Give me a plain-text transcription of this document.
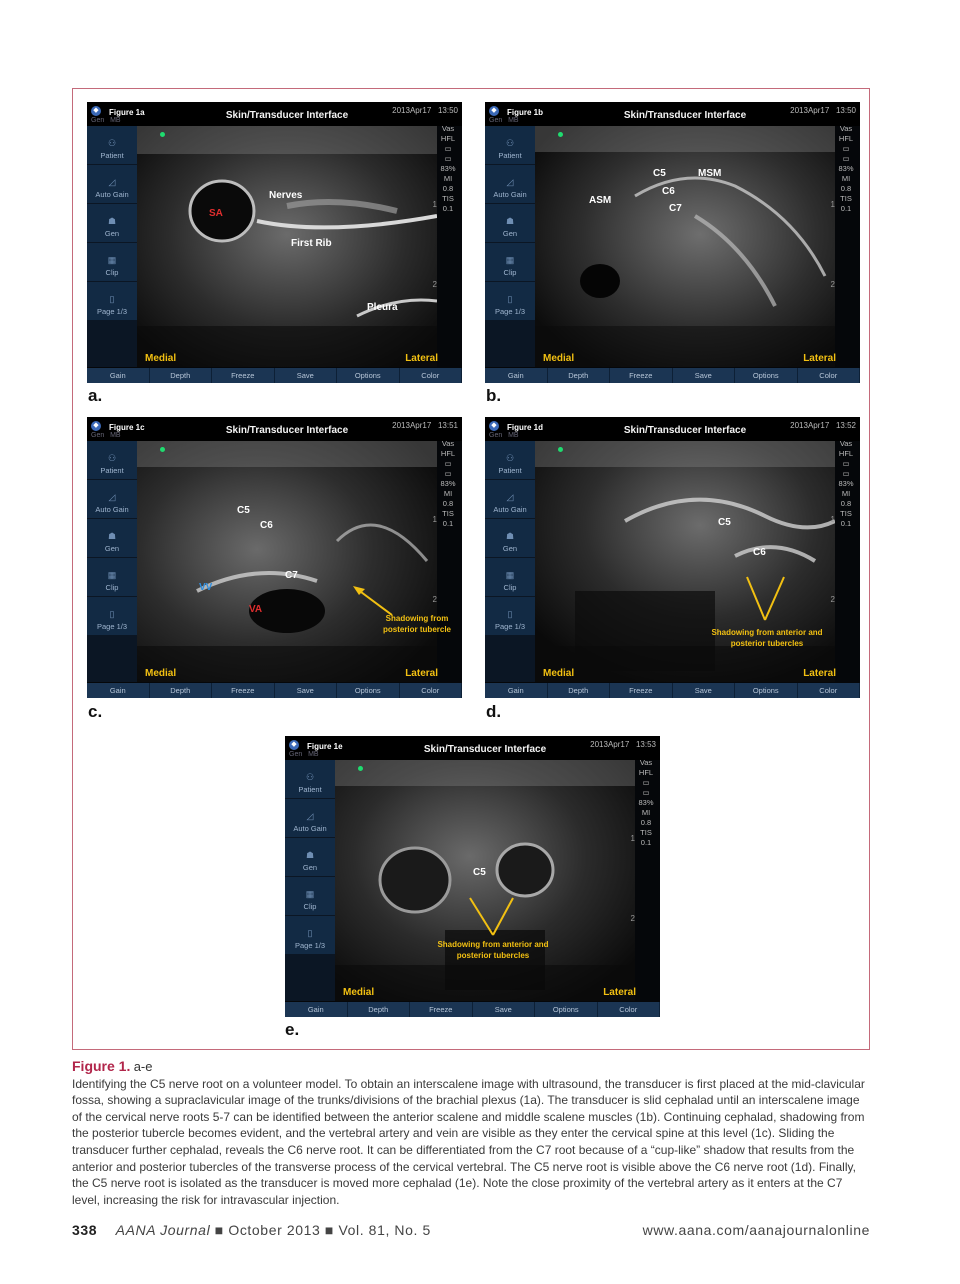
◆ Figure 1a
Gen MB	Skin/Transducer Interface	2013Apr17 13:50
⚇
Patient
◿
Auto Gain
☗
Gen
▦
Clip
▯
Page 1/3
Vas
HFL
▭
▭
83%
MI
0.8
TIS
0.1
1
2
SA
Nerves
First Rib
Pleura
Medial	Lateral
Gain	Depth	Freeze	Save	Options	Color
a.
◆ Figure 1b
Gen MB	Skin/Transducer Interface	2013Apr17 13:50
⚇
Patient
◿
Auto Gain
☗
Gen
▦
Clip
▯
Page 1/3
Vas
HFL
▭
▭
83%
MI
0.8
TIS
0.1
1
2
C5	MSM
C6
ASM
C7
Medial	Lateral
Gain	Depth	Freeze	Save	Options	Color
b.
◆ Figure 1c
Gen MB	Skin/Transducer Interface	2013Apr17 13:51
⚇
Patient
◿
Auto Gain
☗
Gen
▦
Clip
▯
Page 1/3
Vas
HFL
▭
▭
83%
MI
0.8
TIS
0.1
1
2
C5
C6
C7
VV
VA
Shadowing from posterior tubercle
Medial	Lateral
Gain	Depth	Freeze	Save	Options	Color
c.
◆ Figure 1d
Gen MB	Skin/Transducer Interface	2013Apr17 13:52
⚇
Patient
◿
Auto Gain
☗
Gen
▦
Clip
▯
Page 1/3
Vas
HFL
▭
▭
83%
MI
0.8
TIS
0.1
1
2
C5
C6
Shadowing from anterior and posterior tubercles
Medial	Lateral
Gain	Depth	Freeze	Save	Options	Color
d.
◆ Figure 1e
Gen MB	Skin/Transducer Interface	2013Apr17 13:53
⚇
Patient
◿
Auto Gain
☗
Gen
▦
Clip
▯
Page 1/3
Vas
HFL
▭
▭
83%
MI
0.8
TIS
0.1
1
2
C5
Shadowing from anterior and posterior tubercles
Medial	Lateral
Gain	Depth	Freeze	Save	Options	Color
e.
Figure 1. a-e
Identifying the C5 nerve root on a volunteer model. To obtain an interscalene image with ultrasound, the transducer is first placed at the mid-clavicular fossa, showing a supraclavicular image of the trunks/divisions of the brachial plexus (1a). The transducer is slid cephalad until an interscalene image of the cervical nerve roots 5-7 can be identified between the anterior scalene and middle scalene muscles (1b). Continuing cephalad, shadowing from the posterior tubercle becomes evident, and the vertebral artery and vein are visible as they enter the cervical spine at this level (1c). Sliding the transducer further cephalad, reveals the C6 nerve root. It can be differentiated from the C7 root because of a “cup-like” shadow that results from the anterior and posterior tubercles of the transverse process of the cervical vertebral. The C5 nerve root is visible above the C6 nerve root (1d). Finally, the C5 nerve root is isolated as the transducer is moved more cephalad (1e). Note the close proximity of the vertebral artery as it enters at the C7 level, increasing the risk for intravascular injection.
338 AANA Journal ■ October 2013 ■ Vol. 81, No. 5	www.aana.com/aanajournalonline
